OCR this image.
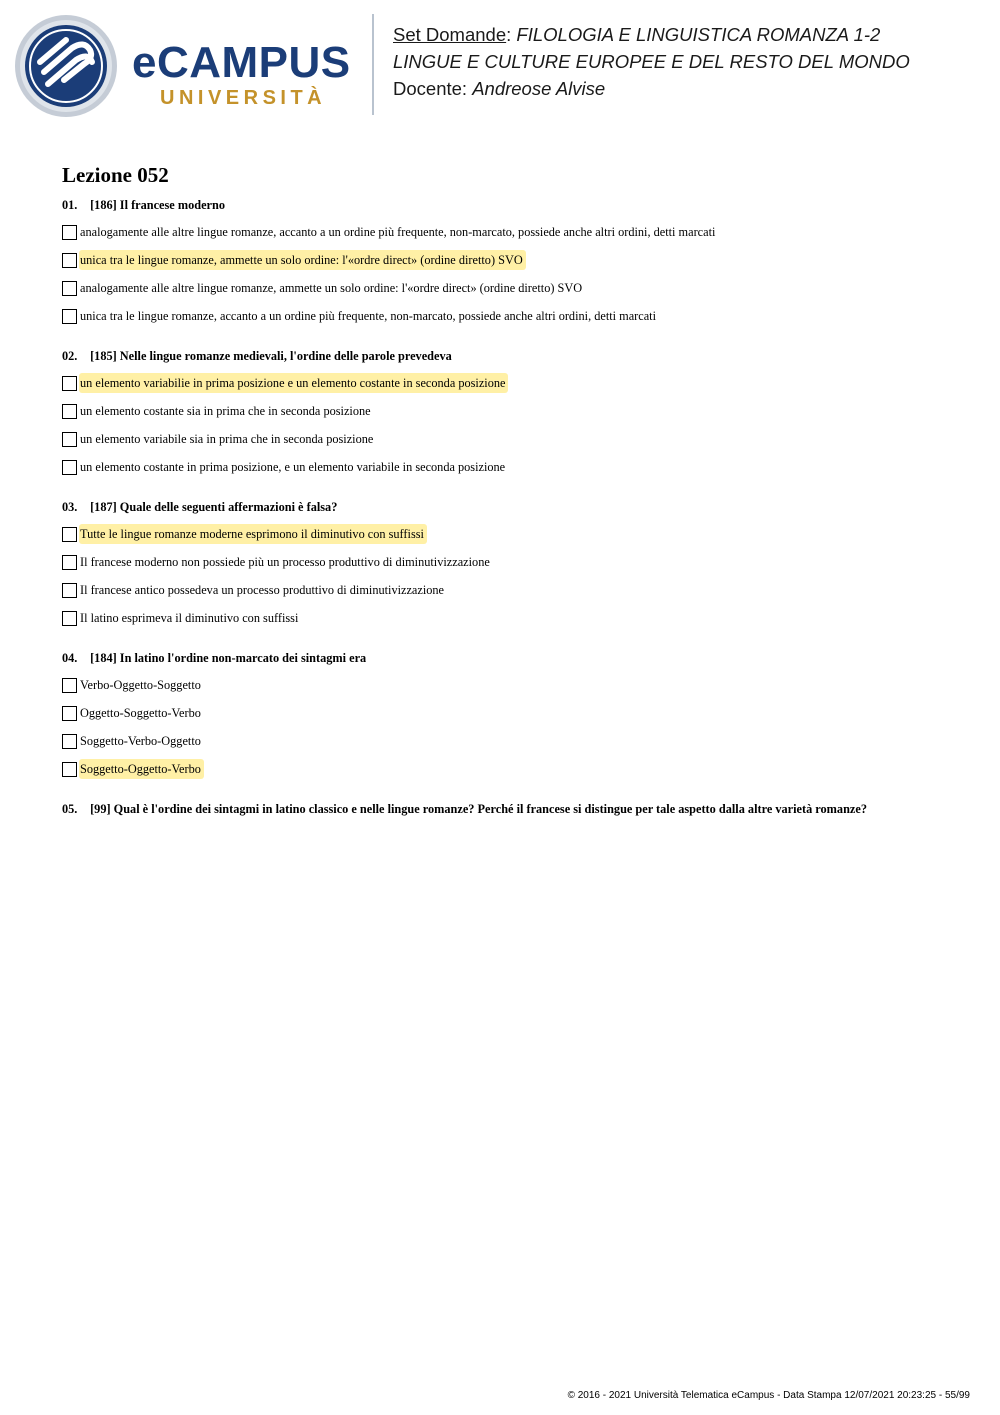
eCAMPUS
UNIVERSITÀ
Set Domande: FILOLOGIA E LINGUISTICA ROMANZA 1-2
LINGUE E CULTURE EUROPEE E DEL RESTO DEL MONDO
Docente: Andreose Alvise
Lezione 052
01. [186] Il francese moderno
analogamente alle altre lingue romanze, accanto a un ordine più frequente, non-marcato, possiede anche altri ordini, detti marcati
unica tra le lingue romanze, ammette un solo ordine: l'«ordre direct» (ordine diretto) SVO
analogamente alle altre lingue romanze, ammette un solo ordine: l'«ordre direct» (ordine diretto) SVO
unica tra le lingue romanze, accanto a un ordine più frequente, non-marcato, possiede anche altri ordini, detti marcati
02. [185] Nelle lingue romanze medievali, l'ordine delle parole prevedeva
un elemento variabilie in prima posizione e un elemento costante in seconda posizione
un elemento costante sia in prima che in seconda posizione
un elemento variabile sia in prima che in seconda posizione
un elemento costante in prima posizione, e un elemento variabile in seconda posizione
03. [187] Quale delle seguenti affermazioni è falsa?
Tutte le lingue romanze moderne esprimono il diminutivo con suffissi
Il francese moderno non possiede più un processo produttivo di diminutivizzazione
Il francese antico possedeva un processo produttivo di diminutivizzazione
Il latino esprimeva il diminutivo con suffissi
04. [184] In latino l'ordine non-marcato dei sintagmi era
Verbo-Oggetto-Soggetto
Oggetto-Soggetto-Verbo
Soggetto-Verbo-Oggetto
Soggetto-Oggetto-Verbo
05. [99] Qual è l'ordine dei sintagmi in latino classico e nelle lingue romanze? Perché il francese si distingue per tale aspetto dalla altre varietà romanze?
© 2016 - 2021 Università Telematica eCampus - Data Stampa 12/07/2021 20:23:25 - 55/99
